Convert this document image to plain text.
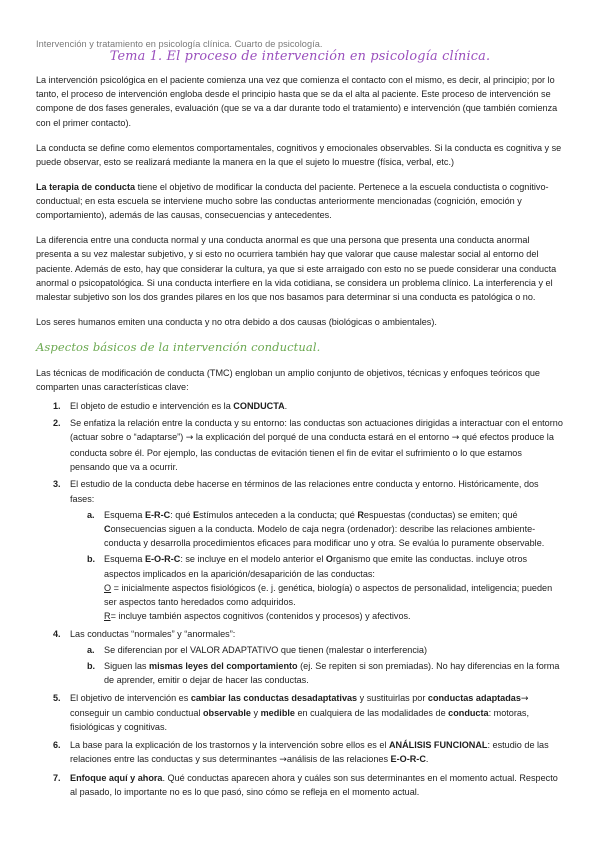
Intervención y tratamiento en psicología clínica. Cuarto de psicología.
Tema 1. El proceso de intervención en psicología clínica.

La intervención psicológica en el paciente comienza una vez que comienza el contacto con el mismo, es decir, al principio; por lo tanto, el proceso de intervención engloba desde el principio hasta que se da el alta al paciente. Este proceso de intervención se compone de dos fases generales, evaluación (que se va a dar durante todo el tratamiento) e intervención (que también comienza con el primer contacto).

La conducta se define como elementos comportamentales, cognitivos y emocionales observables. Si la conducta es cognitiva y se puede observar, esto se realizará mediante la manera en la que el sujeto lo muestre (física, verbal, etc.)

La terapia de conducta tiene el objetivo de modificar la conducta del paciente. Pertenece a la escuela conductista o cognitivo-conductual; en esta escuela se interviene mucho sobre las conductas anteriormente mencionadas (cognición, emoción y comportamiento), además de las causas, consecuencias y antecedentes.

La diferencia entre una conducta normal y una conducta anormal es que una persona que presenta una conducta anormal presenta a su vez malestar subjetivo, y si esto no ocurriera también hay que valorar que cause malestar social al entorno del paciente. Además de esto, hay que considerar la cultura, ya que si este arraigado con esto no se puede considerar una conducta anormal o psicopatológica. Si una conducta interfiere en la vida cotidiana, se considera un problema clínico. La interferencia y el malestar subjetivo son los dos grandes pilares en los que nos basamos para determinar si una conducta es patológica o no.

Los seres humanos emiten una conducta y no otra debido a dos causas (biológicas o ambientales).

Aspectos básicos de la intervención conductual.

Las técnicas de modificación de conducta (TMC) engloban un amplio conjunto de objetivos, técnicas y enfoques teóricos que comparten unas características clave:

1. El objeto de estudio e intervención es la CONDUCTA.
2. Se enfatiza la relación entre la conducta y su entorno: las conductas son actuaciones dirigidas a interactuar con el entorno (actuar sobre o “adaptarse”) → la explicación del porqué de una conducta estará en el entorno → qué efectos produce la conducta sobre él. Por ejemplo, las conductas de evitación tienen el fin de evitar el sufrimiento o lo que estamos pensando que va a ocurrir.
3. El estudio de la conducta debe hacerse en términos de las relaciones entre conducta y entorno. Históricamente, dos fases:
a. Esquema E-R-C: qué Estímulos anteceden a la conducta; qué Respuestas (conductas) se emiten; qué Consecuencias siguen a la conducta. Modelo de caja negra (ordenador): describe las relaciones ambiente-conducta y desarrolla procedimientos eficaces para modificar uno y otra. Se evalúa lo puramente observable.
b. Esquema E-O-R-C: se incluye en el modelo anterior el Organismo que emite las conductas. incluye otros aspectos implicados en la aparición/desaparición de las conductas:
O = inicialmente aspectos fisiológicos (e. j. genética, biología) o aspectos de personalidad, inteligencia; pueden ser aspectos tanto heredados como adquiridos.
R= incluye también aspectos cognitivos (contenidos y procesos) y afectivos.
4. Las conductas “normales” y “anormales”:
a. Se diferencian por el VALOR ADAPTATIVO que tienen (malestar o interferencia)
b. Siguen las mismas leyes del comportamiento (ej. Se repiten si son premiadas). No hay diferencias en la forma de aprender, emitir o dejar de hacer las conductas.
5. El objetivo de intervención es cambiar las conductas desadaptativas y sustituirlas por conductas adaptadas→ conseguir un cambio conductual observable y medible en cualquiera de las modalidades de conducta: motoras, fisiológicas y cognitivas.
6. La base para la explicación de los trastornos y la intervención sobre ellos es el ANÁLISIS FUNCIONAL: estudio de las relaciones entre las conductas y sus determinantes →análisis de las relaciones E-O-R-C.
7. Enfoque aquí y ahora. Qué conductas aparecen ahora y cuáles son sus determinantes en el momento actual. Respecto al pasado, lo importante no es lo que pasó, sino cómo se refleja en el momento actual.
